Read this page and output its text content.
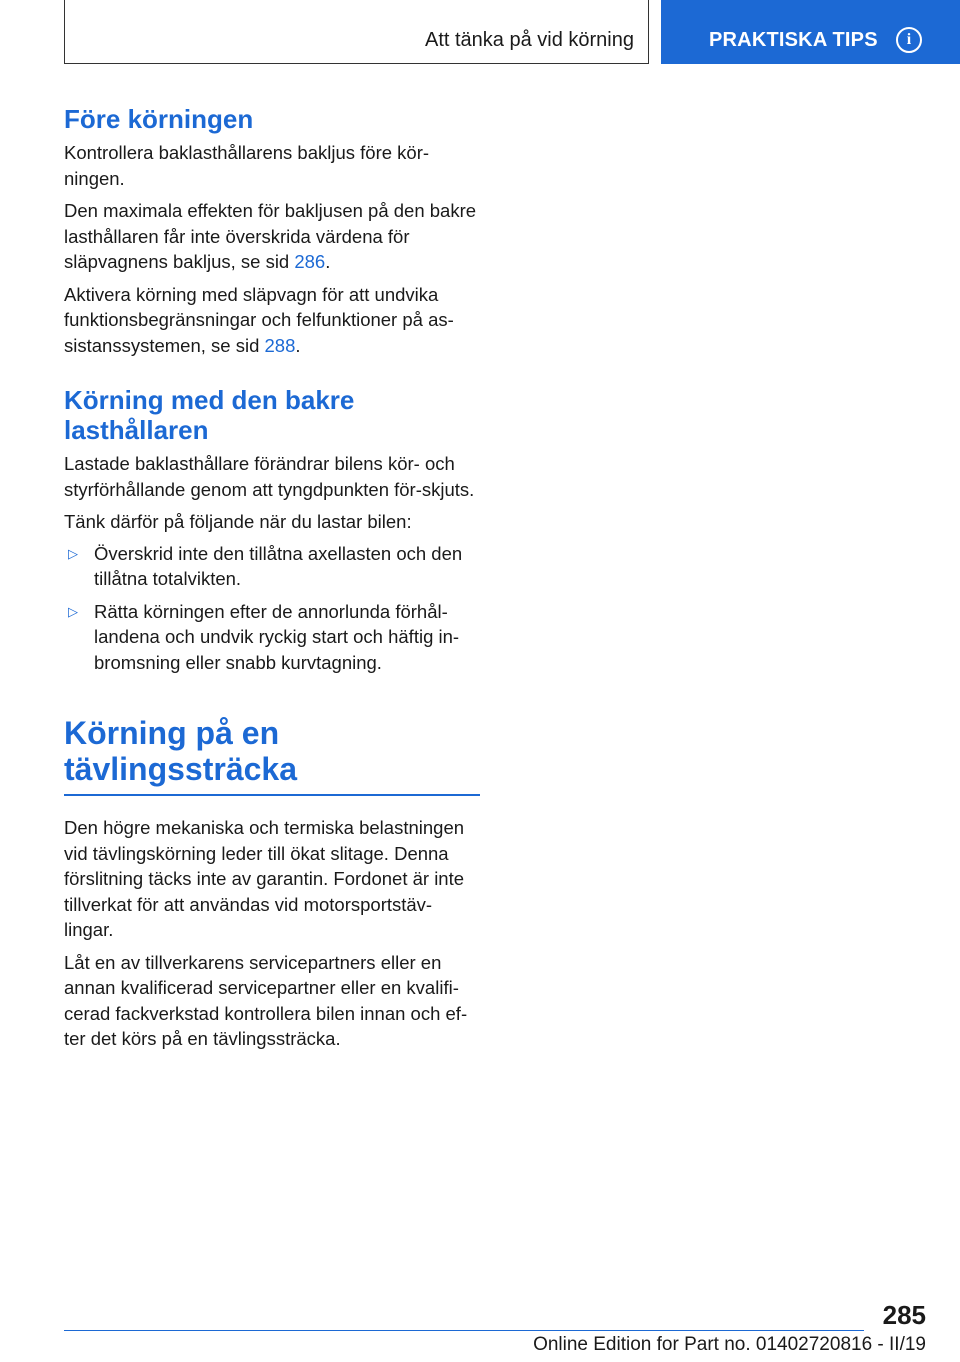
Att tänka på vid körning	PRAKTISKA TIPS	i
Före körningen

Kontrollera baklasthållarens bakljus före kör-ningen.

Den maximala effekten för bakljusen på den bakre lasthållaren får inte överskrida värdena för släpvagnens bakljus, se sid 286.

Aktivera körning med släpvagn för att undvika funktionsbegränsningar och felfunktioner på as-sistanssystemen, se sid 288.

Körning med den bakre lasthållaren

Lastade baklasthållare förändrar bilens kör- och styrförhållande genom att tyngdpunkten för-skjuts.

Tänk därför på följande när du lastar bilen:

▷ Överskrid inte den tillåtna axellasten och den tillåtna totalvikten.
▷ Rätta körningen efter de annorlunda förhål-landena och undvik ryckig start och häftig in-bromsning eller snabb kurvtagning.
Körning på en tävlingssträcka

Den högre mekaniska och termiska belastningen vid tävlingskörning leder till ökat slitage. Denna förslitning täcks inte av garantin. Fordonet är inte tillverkat för att användas vid motorsportstäv-lingar.

Låt en av tillverkarens servicepartners eller en annan kvalificerad servicepartner eller en kvalifi-cerad fackverkstad kontrollera bilen innan och ef-ter det körs på en tävlingssträcka.

285
Online Edition for Part no. 01402720816 - II/19
